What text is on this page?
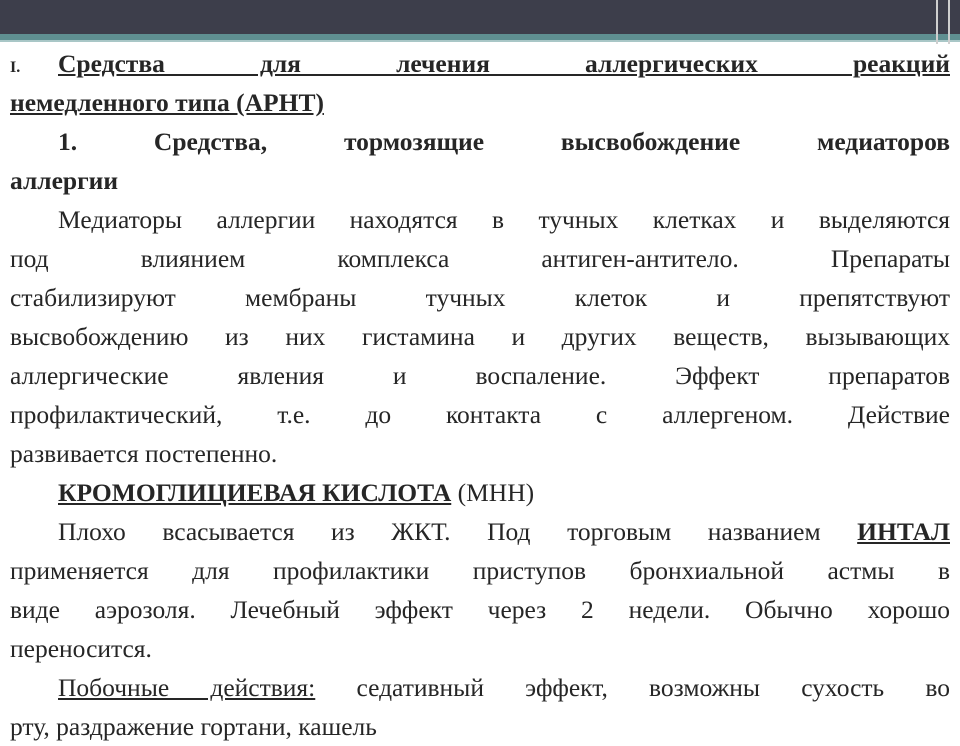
I. Средства для лечения аллергических реакций
немедленного типа (АРНТ)
1. Средства, тормозящие высвобождение медиаторов
аллергии
Медиаторы аллергии находятся в тучных клетках и выделяются
под влиянием комплекса антиген-антитело. Препараты
стабилизируют мембраны тучных клеток и препятствуют
высвобождению из них гистамина и других веществ, вызывающих
аллергические явления и воспаление. Эффект препаратов
профилактический, т.е. до контакта с аллергеном. Действие
развивается постепенно.
КРОМОГЛИЦИЕВАЯ КИСЛОТА (МНН)
Плохо всасывается из ЖКТ. Под торговым названием ИНТАЛ
применяется для профилактики приступов бронхиальной астмы в
виде аэрозоля. Лечебный эффект через 2 недели. Обычно хорошо
переносится.
Побочные действия: седативный эффект, возможны сухость во
рту, раздражение гортани, кашель
